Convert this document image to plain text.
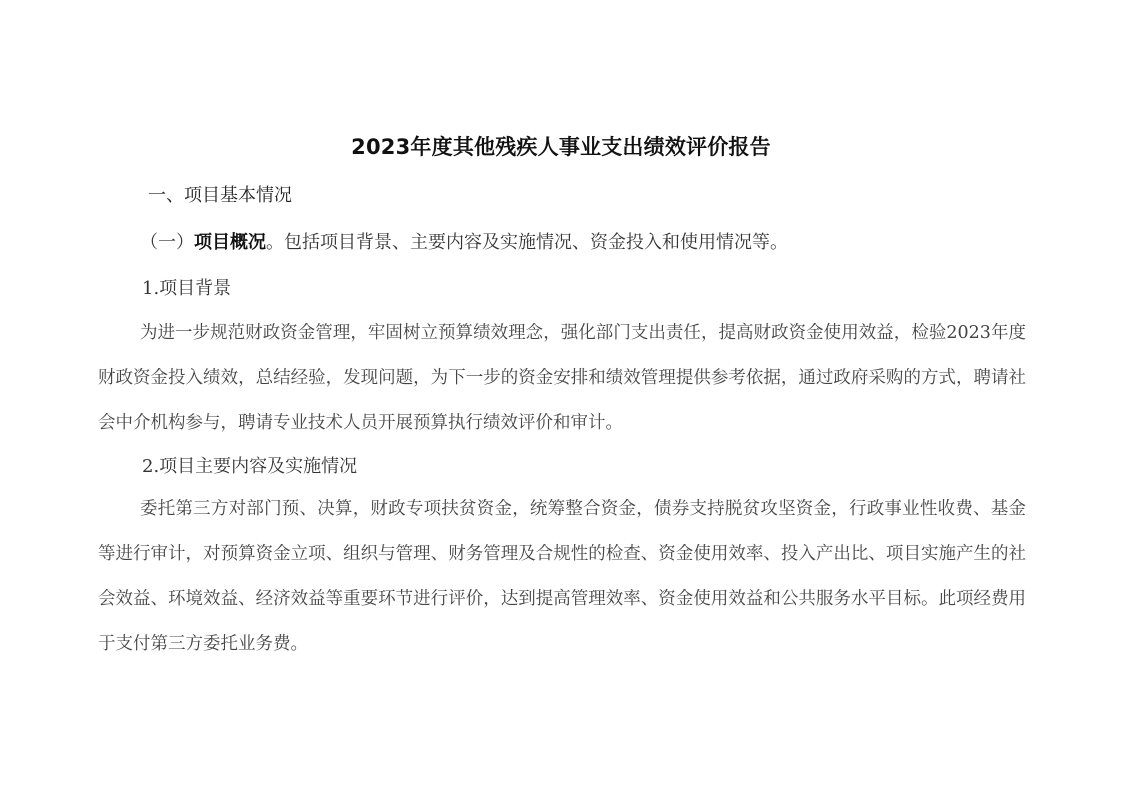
2023年度其他残疾人事业支出绩效评价报告
一、项目基本情况
（一）项目概况。包括项目背景、主要内容及实施情况、资金投入和使用情况等。
1.项目背景
为进一步规范财政资金管理，牢固树立预算绩效理念，强化部门支出责任，提高财政资金使用效益，检验2023年度财政资金投入绩效，总结经验，发现问题，为下一步的资金安排和绩效管理提供参考依据，通过政府采购的方式，聘请社会中介机构参与，聘请专业技术人员开展预算执行绩效评价和审计。
2.项目主要内容及实施情况
委托第三方对部门预、决算，财政专项扶贫资金，统筹整合资金，债券支持脱贫攻坚资金，行政事业性收费、基金等进行审计，对预算资金立项、组织与管理、财务管理及合规性的检查、资金使用效率、投入产出比、项目实施产生的社会效益、环境效益、经济效益等重要环节进行评价，达到提高管理效率、资金使用效益和公共服务水平目标。此项经费用于支付第三方委托业务费。
